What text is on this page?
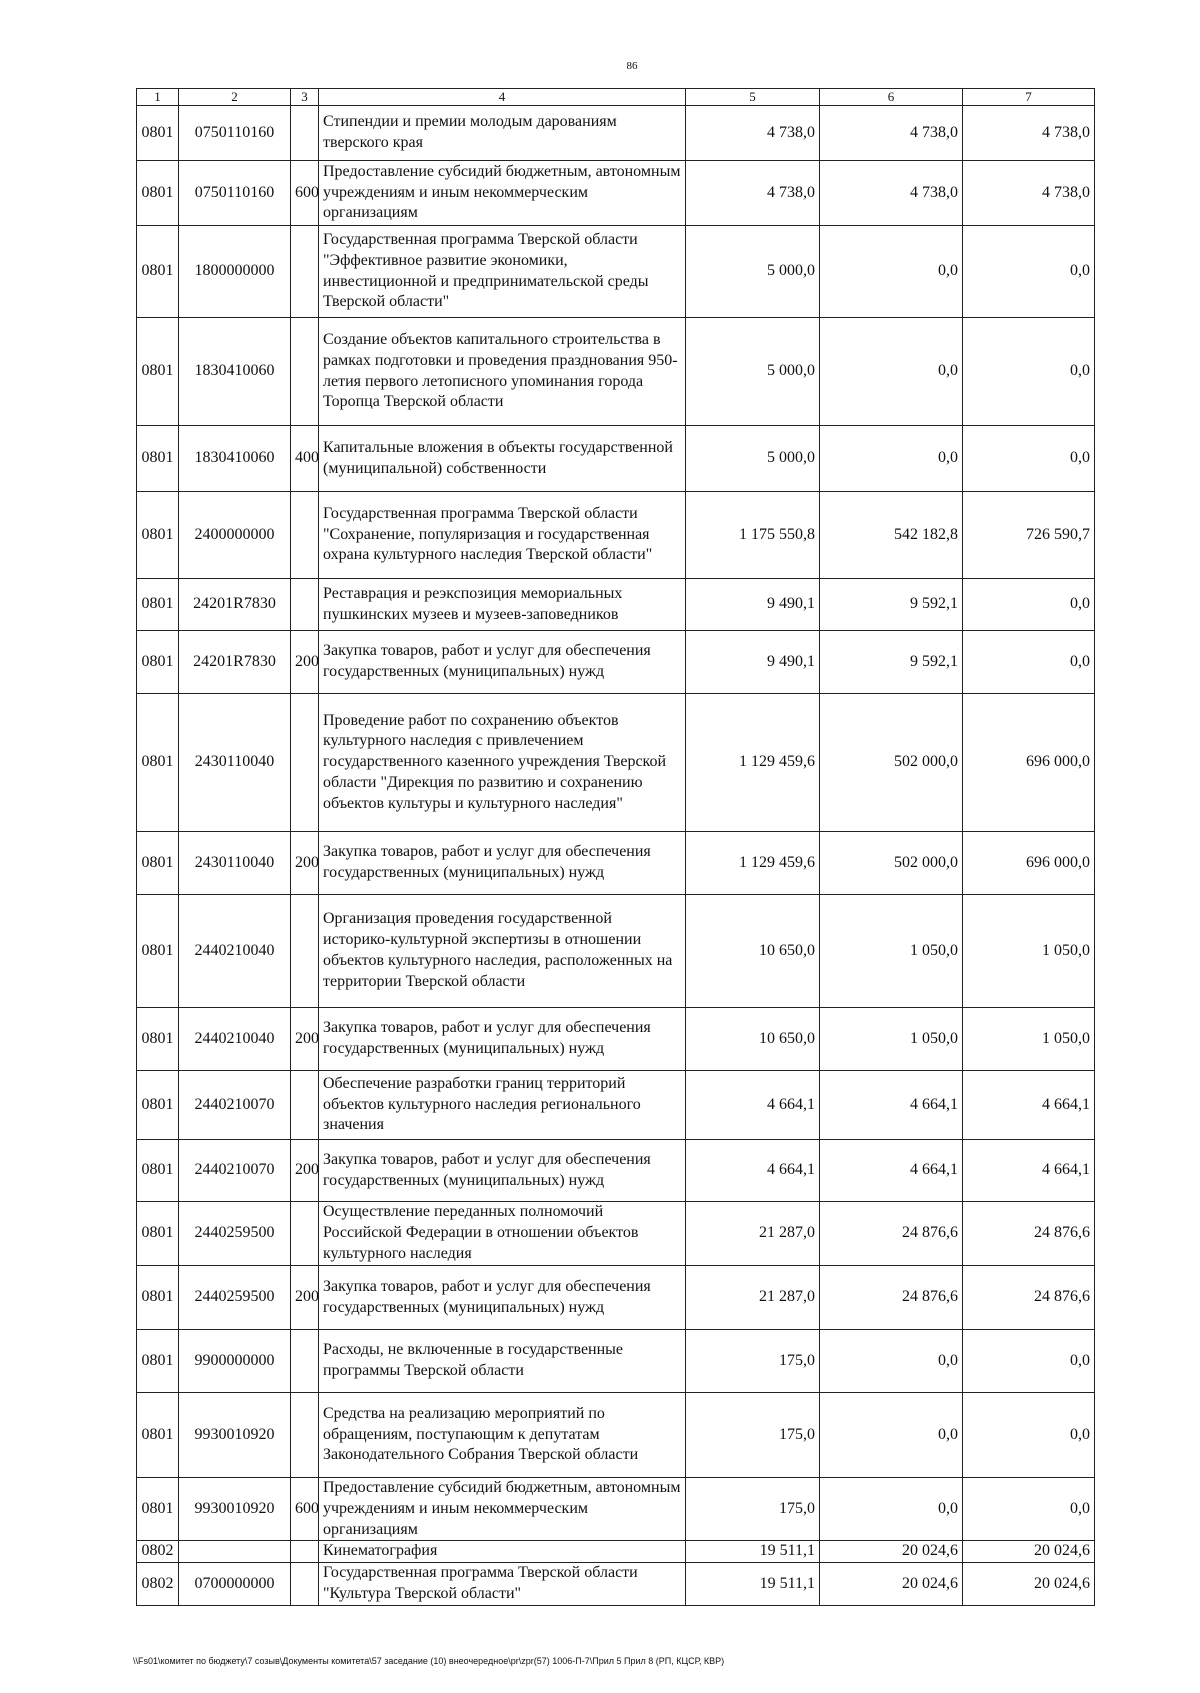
86
1	2	3	4	5	6	7
0801	0750110160		Стипендии и премии молодым дарованиям тверского края	4 738,0	4 738,0	4 738,0
0801	0750110160	600	Предоставление субсидий бюджетным, автономным учреждениям и иным некоммерческим организациям	4 738,0	4 738,0	4 738,0
0801	1800000000		Государственная программа Тверской области "Эффективное развитие экономики, инвестиционной и предпринимательской среды Тверской области"	5 000,0	0,0	0,0
0801	1830410060		Создание объектов капитального строительства в рамках подготовки и проведения празднования 950-летия первого летописного упоминания города Торопца Тверской области	5 000,0	0,0	0,0
0801	1830410060	400	Капитальные вложения в объекты государственной (муниципальной) собственности	5 000,0	0,0	0,0
0801	2400000000		Государственная программа Тверской области "Сохранение, популяризация и государственная охрана культурного наследия Тверской области"	1 175 550,8	542 182,8	726 590,7
0801	24201R7830		Реставрация и реэкспозиция мемориальных пушкинских музеев и музеев-заповедников	9 490,1	9 592,1	0,0
0801	24201R7830	200	Закупка товаров, работ и услуг для обеспечения государственных (муниципальных) нужд	9 490,1	9 592,1	0,0
0801	2430110040		Проведение работ по сохранению объектов культурного наследия с привлечением государственного казенного учреждения Тверской области "Дирекция по развитию и сохранению объектов культуры и культурного наследия"	1 129 459,6	502 000,0	696 000,0
0801	2430110040	200	Закупка товаров, работ и услуг для обеспечения государственных (муниципальных) нужд	1 129 459,6	502 000,0	696 000,0
0801	2440210040		Организация проведения государственной историко-культурной экспертизы в отношении объектов культурного наследия, расположенных на территории Тверской области	10 650,0	1 050,0	1 050,0
0801	2440210040	200	Закупка товаров, работ и услуг для обеспечения государственных (муниципальных) нужд	10 650,0	1 050,0	1 050,0
0801	2440210070		Обеспечение разработки границ территорий объектов культурного наследия регионального значения	4 664,1	4 664,1	4 664,1
0801	2440210070	200	Закупка товаров, работ и услуг для обеспечения государственных (муниципальных) нужд	4 664,1	4 664,1	4 664,1
0801	2440259500		Осуществление переданных полномочий Российской Федерации в отношении объектов культурного наследия	21 287,0	24 876,6	24 876,6
0801	2440259500	200	Закупка товаров, работ и услуг для обеспечения государственных (муниципальных) нужд	21 287,0	24 876,6	24 876,6
0801	9900000000		Расходы, не включенные в государственные программы Тверской области	175,0	0,0	0,0
0801	9930010920		Средства на реализацию мероприятий по обращениям, поступающим к депутатам Законодательного Собрания Тверской области	175,0	0,0	0,0
0801	9930010920	600	Предоставление субсидий бюджетным, автономным учреждениям и иным некоммерческим организациям	175,0	0,0	0,0
0802			Кинематография	19 511,1	20 024,6	20 024,6
0802	0700000000		Государственная программа Тверской области "Культура Тверской области"	19 511,1	20 024,6	20 024,6
\\Fs01\комитет по бюджету\7 созыв\Документы комитета\57 заседание (10) внеочередное\pr\zpr(57) 1006-П-7\Прил 5 Прил 8 (РП, КЦСР, КВР)
